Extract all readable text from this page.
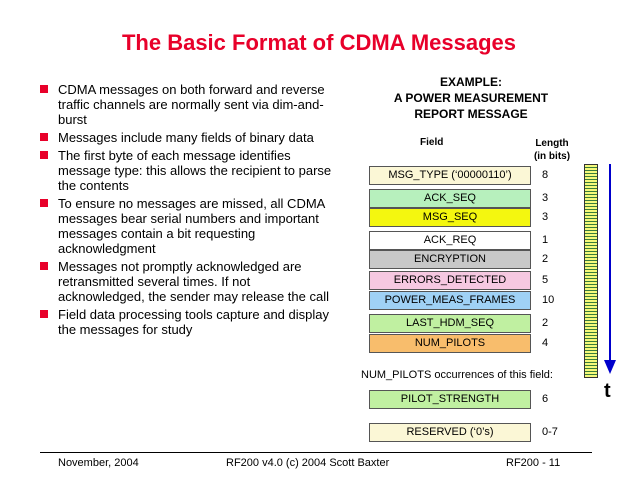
The Basic Format of CDMA Messages
CDMA messages on both forward and reverse traffic channels are normally sent via dim-and-burst
Messages include many fields of binary data
The first byte of each message identifies message type: this allows the recipient to parse the contents
To ensure no messages are missed, all CDMA messages bear serial numbers and important messages contain a bit requesting acknowledgment
Messages not promptly acknowledged are retransmitted several times. If not acknowledged, the sender may release the call
Field data processing tools capture and display the messages for study
EXAMPLE:
A POWER MEASUREMENT
REPORT MESSAGE
Field	Length
(in bits)
MSG_TYPE (‘00000110’)	8
ACK_SEQ	3
MSG_SEQ	3
ACK_REQ	1
ENCRYPTION	2
ERRORS_DETECTED	5
POWER_MEAS_FRAMES	10
LAST_HDM_SEQ	2
NUM_PILOTS	4
NUM_PILOTS occurrences of this field:
PILOT_STRENGTH	6
RESERVED (‘0’s)	0-7
t
November, 2004	RF200 v4.0 (c) 2004 Scott Baxter	RF200 - 11
